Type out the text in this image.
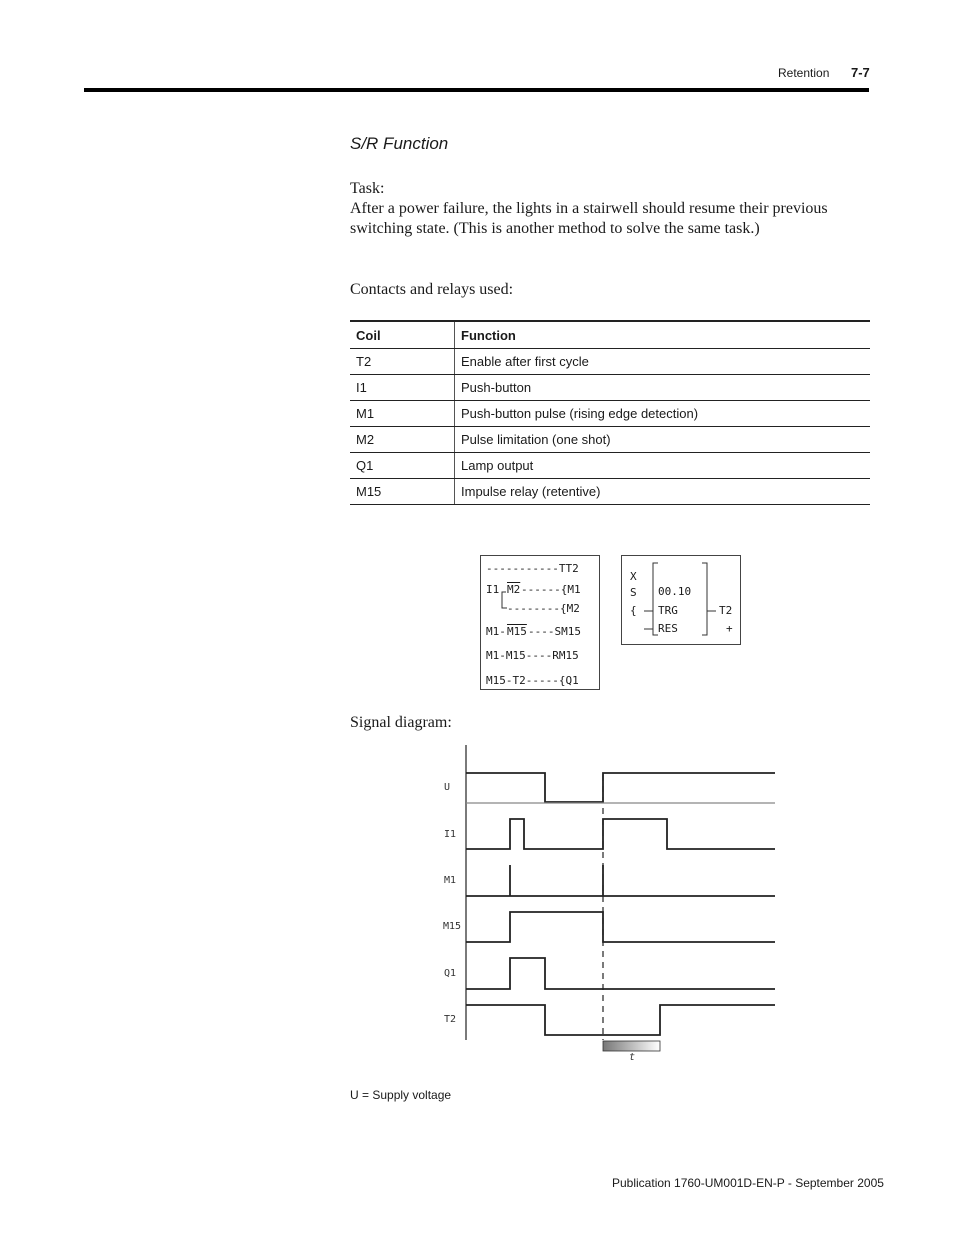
Retention 7-7
S/R Function
Task:
After a power failure, the lights in a stairwell should resume their previous switching state. (This is another method to solve the same task.)
Contacts and relays used:
Coil	Function
T2	Enable after first cycle
I1	Push-button
M1	Push-button pulse (rising edge detection)
M2	Pulse limitation (one shot)
Q1	Lamp output
M15	Impulse relay (retentive)
-----------TT2
I1 M2 ------{M1
--------{M2
M1- M15 ----SM15
M1-M15----RM15
M15-T2-----{Q1
X
S
{
00.10
TRG
RES
T2
+
Signal diagram:
t
U
I1
M1
M15
Q1
T2
U = Supply voltage
Publication 1760-UM001D-EN-P - September 2005
